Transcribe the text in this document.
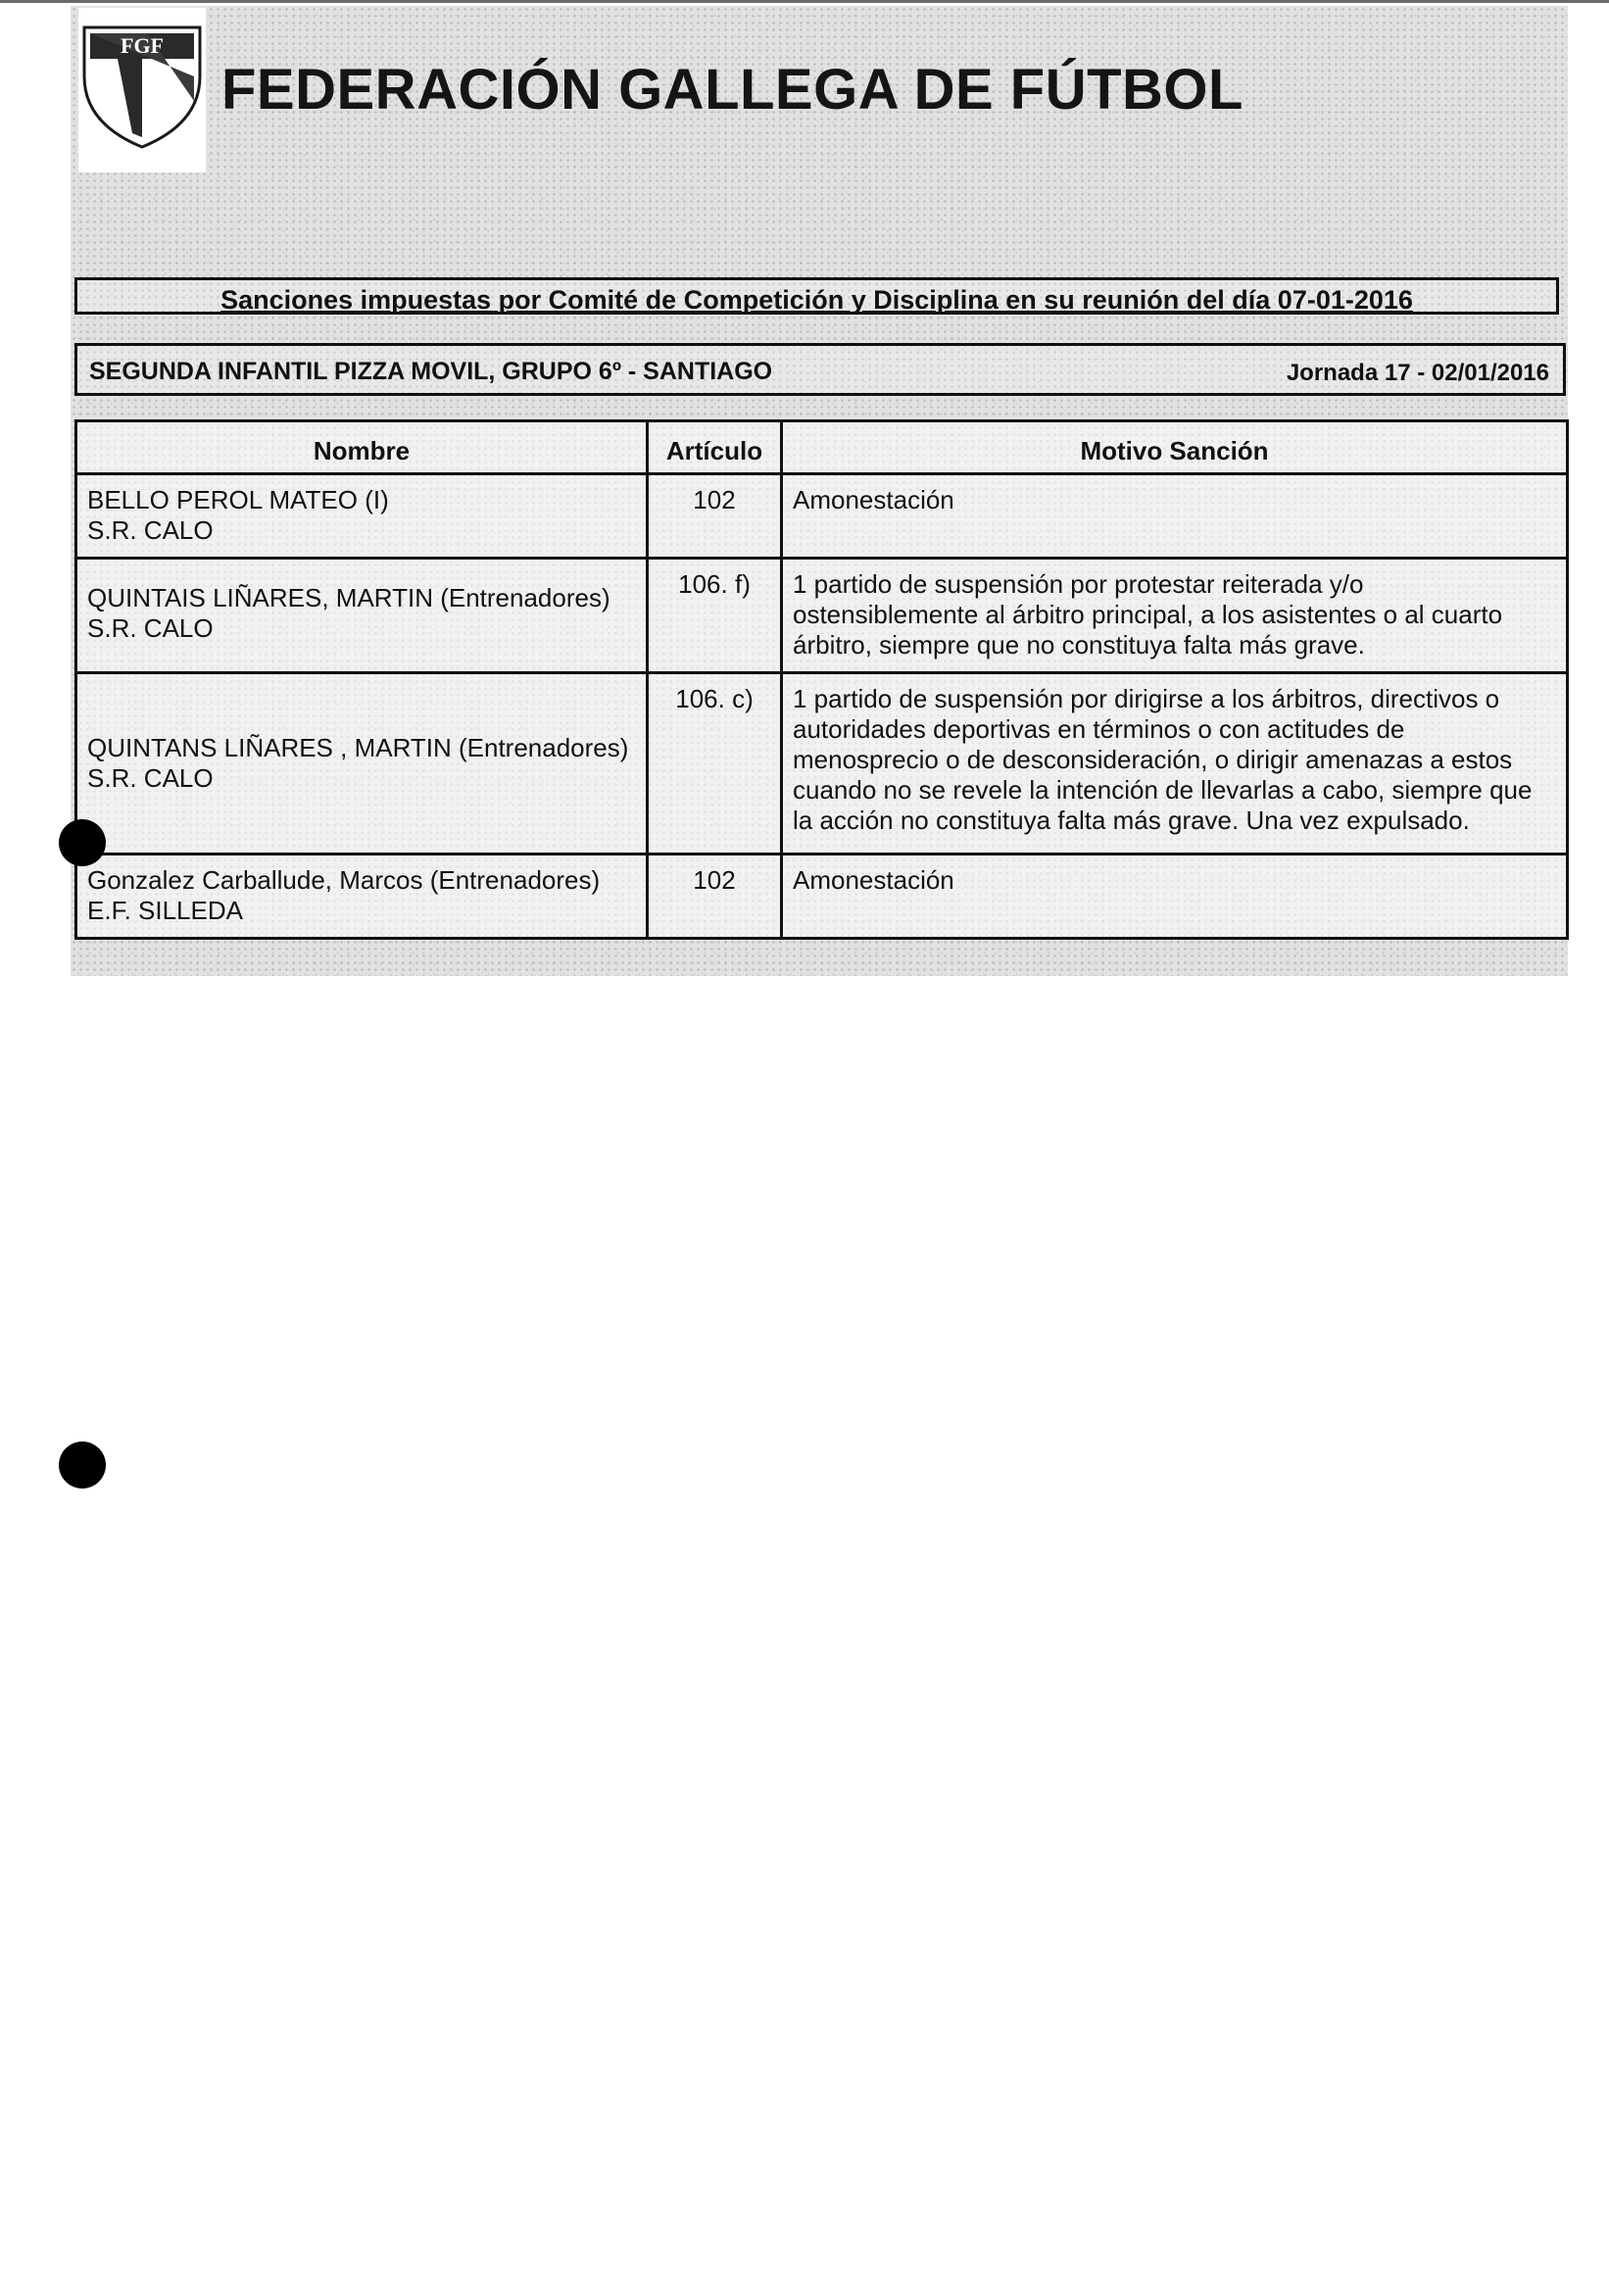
FGF
FEDERACIÓN GALLEGA DE FÚTBOL
Sanciones impuestas por Comité de Competición y Disciplina en su reunión del día 07-01-2016
SEGUNDA INFANTIL PIZZA MOVIL, GRUPO 6º - SANTIAGO	Jornada 17 - 02/01/2016
Nombre	Artículo	Motivo Sanción

BELLO PEROL MATEO (I)
S.R. CALO	102	Amonestación

QUINTAIS LIÑARES, MARTIN (Entrenadores)
S.R. CALO	106. f)	1 partido de suspensión por protestar reiterada y/o ostensiblemente al árbitro principal, a los asistentes o al cuarto árbitro, siempre que no constituya falta más grave.

QUINTANS LIÑARES , MARTIN (Entrenadores)
S.R. CALO	106. c)	1 partido de suspensión por dirigirse a los árbitros, directivos o autoridades deportivas en términos o con actitudes de menosprecio o de desconsideración, o dirigir amenazas a estos cuando no se revele la intención de llevarlas a cabo, siempre que la acción no constituya falta más grave. Una vez expulsado.

Gonzalez Carballude, Marcos (Entrenadores)
E.F. SILLEDA	102	Amonestación
